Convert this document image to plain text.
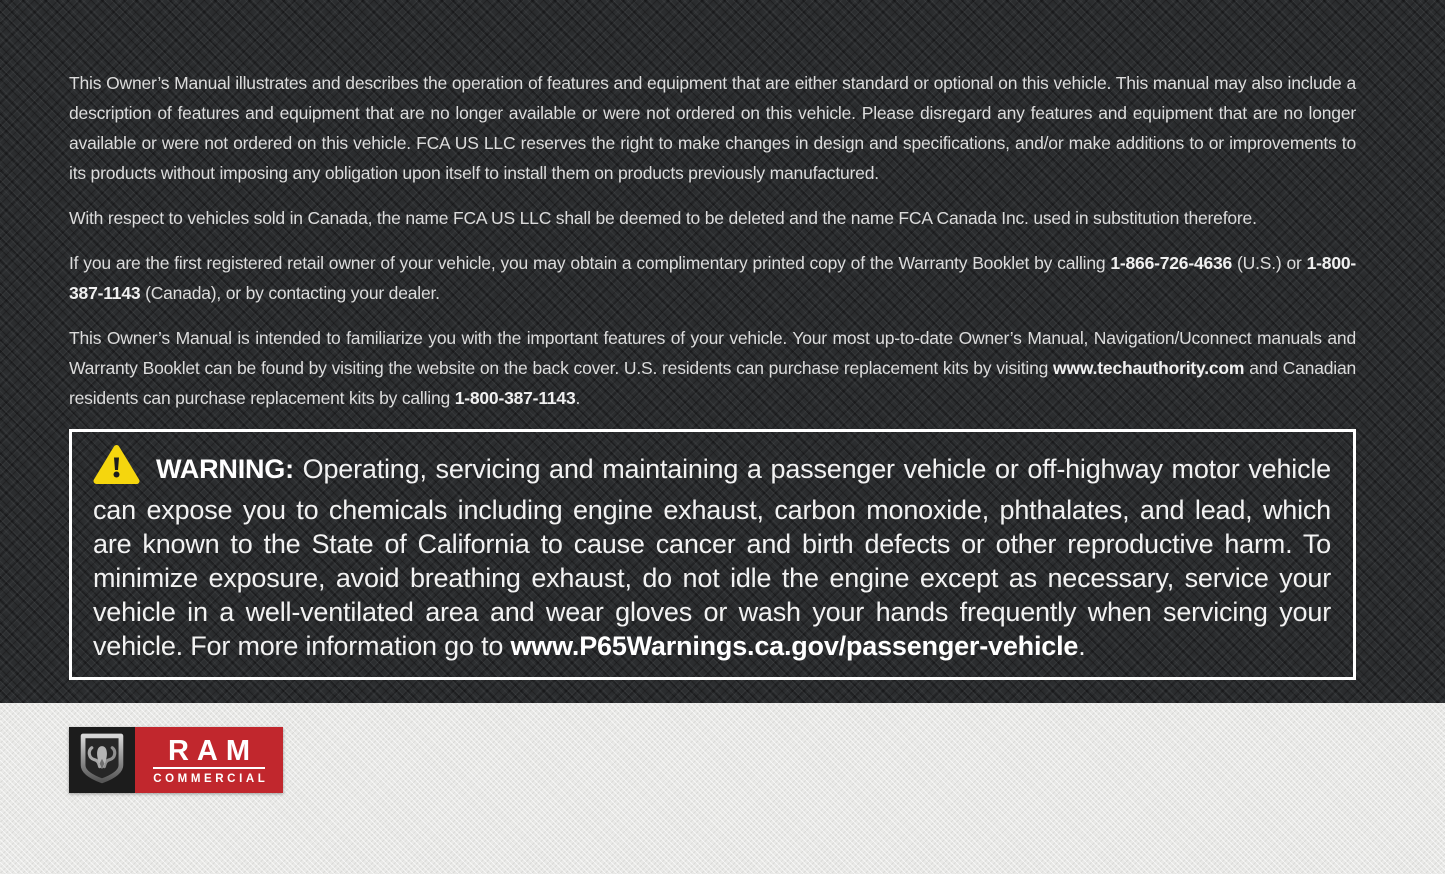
This Owner’s Manual illustrates and describes the operation of features and equipment that are either standard or optional on this vehicle. This manual may also include a description of features and equipment that are no longer available or were not ordered on this vehicle. Please disregard any features and equipment that are no longer available or were not ordered on this vehicle. FCA US LLC reserves the right to make changes in design and specifications, and/or make additions to or improvements to its products without imposing any obligation upon itself to install them on products previously manufactured.

With respect to vehicles sold in Canada, the name FCA US LLC shall be deemed to be deleted and the name FCA Canada Inc. used in substitution therefore.

If you are the first registered retail owner of your vehicle, you may obtain a complimentary printed copy of the Warranty Booklet by calling 1-866-726-4636 (U.S.) or 1-800-387-1143 (Canada), or by contacting your dealer.

This Owner’s Manual is intended to familiarize you with the important features of your vehicle. Your most up-to-date Owner’s Manual, Navigation/Uconnect manuals and Warranty Booklet can be found by visiting the website on the back cover. U.S. residents can purchase replacement kits by visiting www.techauthority.com and Canadian residents can purchase replacement kits by calling 1-800-387-1143.

WARNING: Operating, servicing and maintaining a passenger vehicle or off-highway motor vehicle can expose you to chemicals including engine exhaust, carbon monoxide, phthalates, and lead, which are known to the State of California to cause cancer and birth defects or other reproductive harm. To minimize exposure, avoid breathing exhaust, do not idle the engine except as necessary, service your vehicle in a well-ventilated area and wear gloves or wash your hands frequently when servicing your vehicle. For more information go to www.P65Warnings.ca.gov/passenger-vehicle.
RAM
COMMERCIAL
